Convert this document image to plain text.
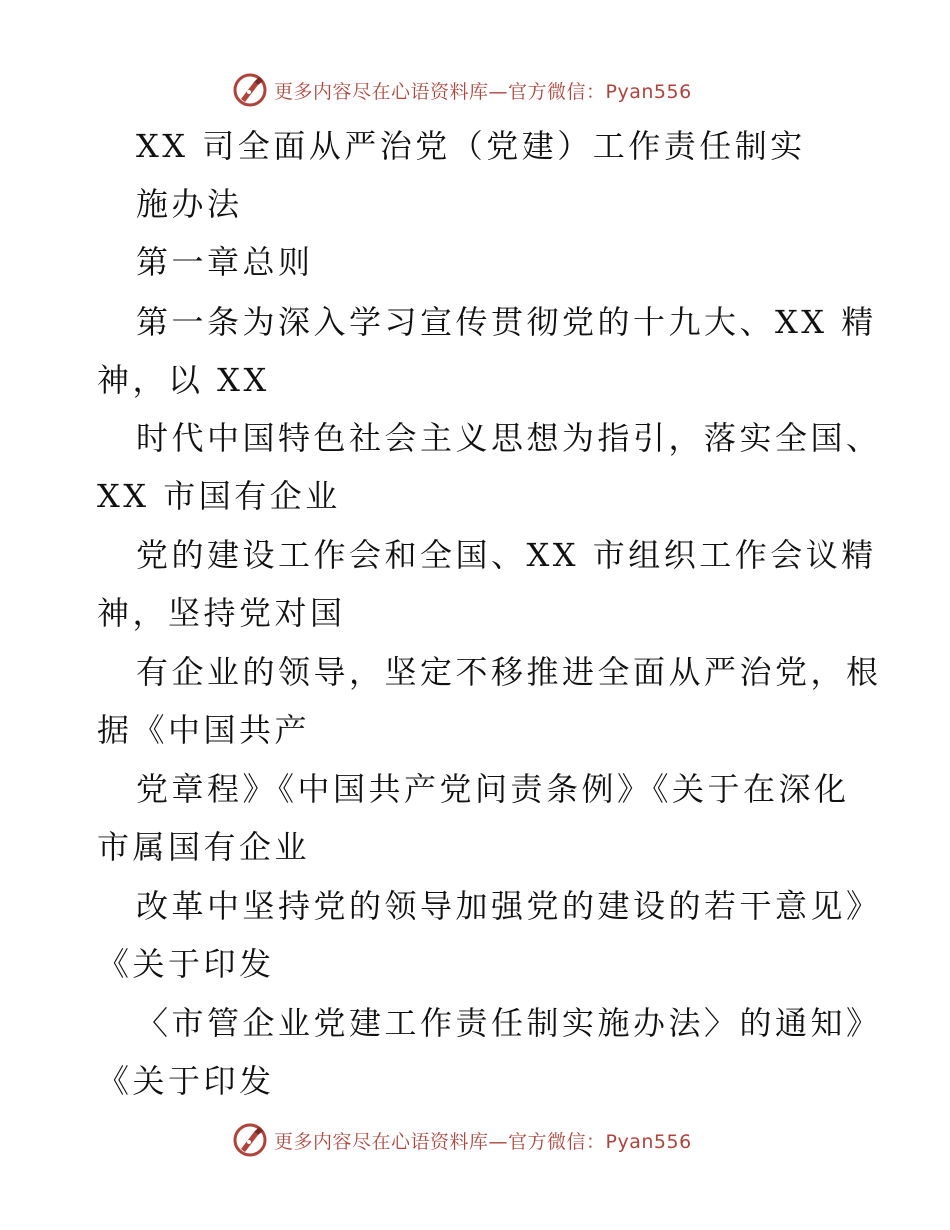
更多内容尽在心语资料库—官方微信：Pyan556
XX 司全面从严治党（党建）工作责任制实
施办法
第一章总则
第一条为深入学习宣传贯彻党的十九大、XX 精
神，以 XX
时代中国特色社会主义思想为指引，落实全国、
XX 市国有企业
党的建设工作会和全国、XX 市组织工作会议精
神，坚持党对国
有企业的领导，坚定不移推进全面从严治党，根
据《中国共产
党章程》《中国共产党问责条例》《关于在深化
市属国有企业
改革中坚持党的领导加强党的建设的若干意见》
《关于印发
〈市管企业党建工作责任制实施办法〉的通知》
《关于印发
更多内容尽在心语资料库—官方微信：Pyan556
